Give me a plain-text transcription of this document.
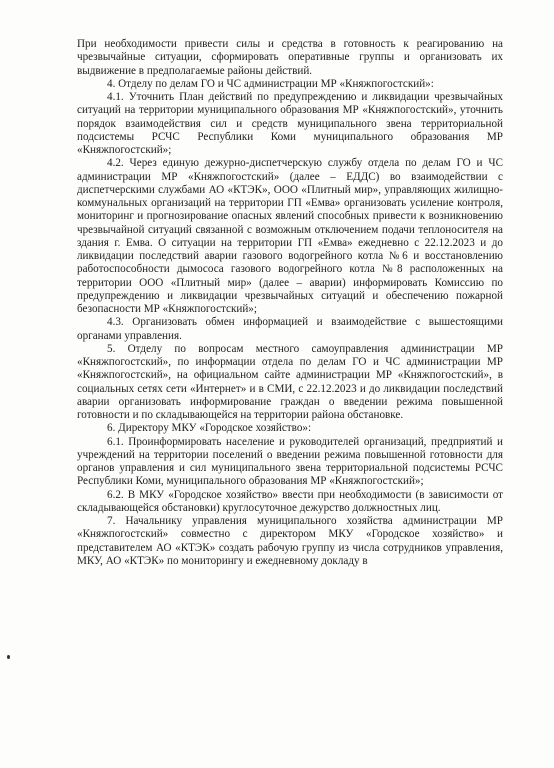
При необходимости привести силы и средства в готовность к реагированию на чрезвычайные ситуации, сформировать оперативные группы и организовать их выдвижение в предполагаемые районы действий.

4. Отделу по делам ГО и ЧС администрации МР «Княжпогостский»:

4.1. Уточнить План действий по предупреждению и ликвидации чрезвычайных ситуаций на территории муниципального образования МР «Княжпогостский», уточнить порядок взаимодействия сил и средств муниципального звена территориальной подсистемы РСЧС Республики Коми муниципального образования МР «Княжпогостский»;

4.2. Через единую дежурно-диспетчерскую службу отдела по делам ГО и ЧС администрации МР «Княжпогостский» (далее – ЕДДС) во взаимодействии с диспетчерскими службами АО «КТЭК», ООО «Плитный мир», управляющих жилищно-коммунальных организаций на территории ГП «Емва» организовать усиление контроля, мониторинг и прогнозирование опасных явлений способных привести к возникновению чрезвычайной ситуаций связанной с возможным отключением подачи теплоносителя на здания г. Емва. О ситуации на территории ГП «Емва» ежедневно с 22.12.2023 и до ликвидации последствий аварии газового водогрейного котла №6 и восстановлению работоспособности дымососа газового водогрейного котла №8 расположенных на территории ООО «Плитный мир» (далее – аварии) информировать Комиссию по предупреждению и ликвидации чрезвычайных ситуаций и обеспечению пожарной безопасности МР «Княжпогостский»;

4.3. Организовать обмен информацией и взаимодействие с вышестоящими органами управления.

5. Отделу по вопросам местного самоуправления администрации МР «Княжпогостский», по информации отдела по делам ГО и ЧС администрации МР «Княжпогостский», на официальном сайте администрации МР «Княжпогостский», в социальных сетях сети «Интернет» и в СМИ, с 22.12.2023 и до ликвидации последствий аварии организовать информирование граждан о введении режима повышенной готовности и по складывающейся на территории района обстановке.

6. Директору МКУ «Городское хозяйство»:

6.1. Проинформировать население и руководителей организаций, предприятий и учреждений на территории поселений о введении режима повышенной готовности для органов управления и сил муниципального звена территориальной подсистемы РСЧС Республики Коми, муниципального образования МР «Княжпогостский»;

6.2. В МКУ «Городское хозяйство» ввести при необходимости (в зависимости от складывающейся обстановки) круглосуточное дежурство должностных лиц.

7. Начальнику управления муниципального хозяйства администрации МР «Княжпогостский» совместно с директором МКУ «Городское хозяйство» и представителем АО «КТЭК» создать рабочую группу из числа сотрудников управления, МКУ, АО «КТЭК» по мониторингу и ежедневному докладу в
